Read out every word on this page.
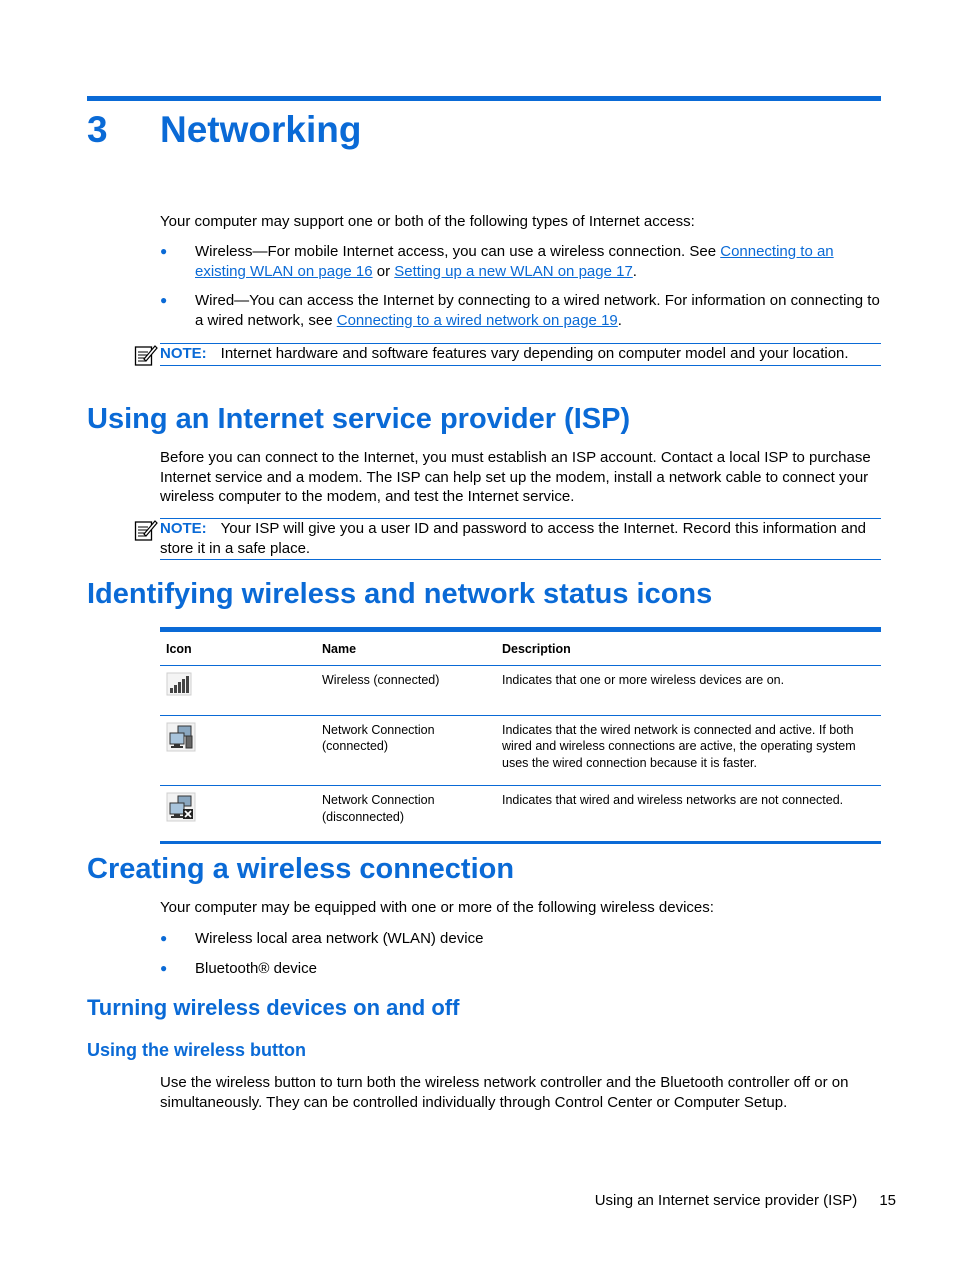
3 Networking
Your computer may support one or both of the following types of Internet access:
● Wireless—For mobile Internet access, you can use a wireless connection. See Connecting to an existing WLAN on page 16 or Setting up a new WLAN on page 17.
● Wired—You can access the Internet by connecting to a wired network. For information on connecting to a wired network, see Connecting to a wired network on page 19.
NOTE: Internet hardware and software features vary depending on computer model and your location.
Using an Internet service provider (ISP)
Before you can connect to the Internet, you must establish an ISP account. Contact a local ISP to purchase Internet service and a modem. The ISP can help set up the modem, install a network cable to connect your wireless computer to the modem, and test the Internet service.
NOTE: Your ISP will give you a user ID and password to access the Internet. Record this information and store it in a safe place.
Identifying wireless and network status icons
Icon	Name	Description
	Wireless (connected)	Indicates that one or more wireless devices are on.
	Network Connection (connected)	Indicates that the wired network is connected and active. If both wired and wireless connections are active, the operating system uses the wired connection because it is faster.
	Network Connection (disconnected)	Indicates that wired and wireless networks are not connected.
Creating a wireless connection
Your computer may be equipped with one or more of the following wireless devices:
● Wireless local area network (WLAN) device
● Bluetooth® device
Turning wireless devices on and off
Using the wireless button
Use the wireless button to turn both the wireless network controller and the Bluetooth controller off or on simultaneously. They can be controlled individually through Control Center or Computer Setup.
Using an Internet service provider (ISP) 15
